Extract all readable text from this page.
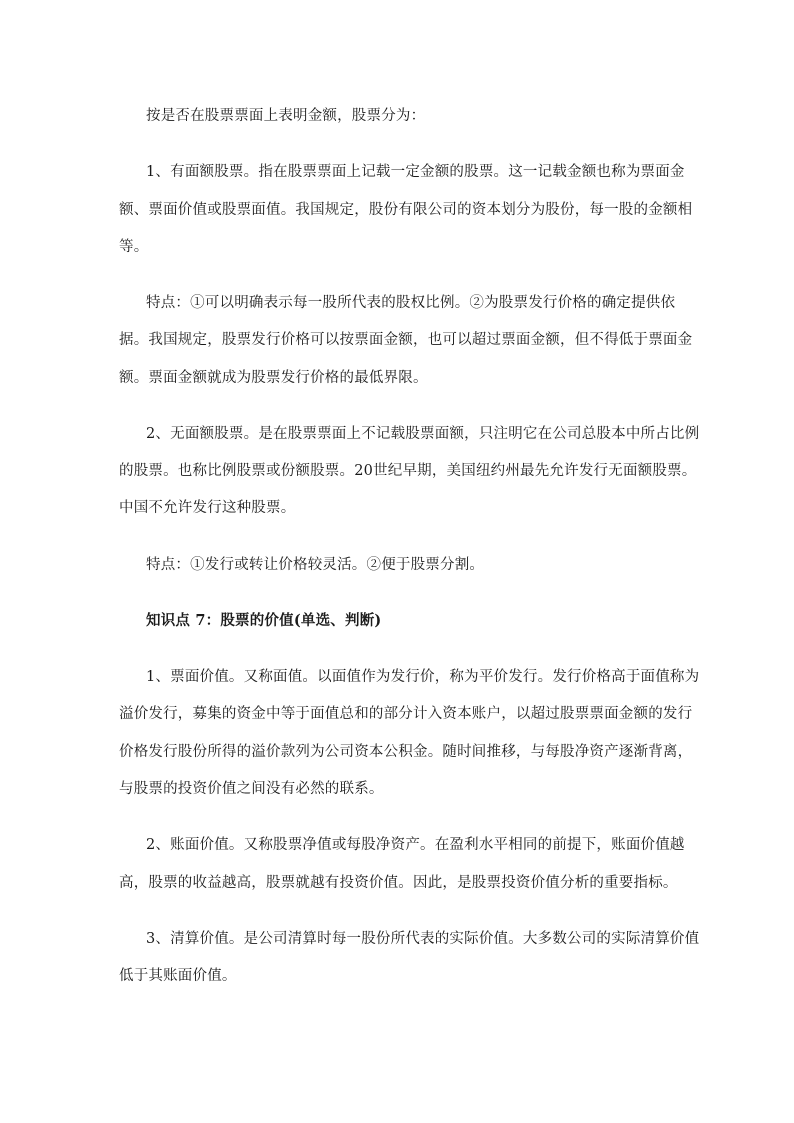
按是否在股票票面上表明金额，股票分为：

1、有面额股票。指在股票票面上记载一定金额的股票。这一记载金额也称为票面金

额、票面价值或股票面值。我国规定，股份有限公司的资本划分为股份，每一股的金额相

等。

特点：①可以明确表示每一股所代表的股权比例。②为股票发行价格的确定提供依

据。我国规定，股票发行价格可以按票面金额，也可以超过票面金额，但不得低于票面金

额。票面金额就成为股票发行价格的最低界限。

2、无面额股票。是在股票票面上不记载股票面额，只注明它在公司总股本中所占比例

的股票。也称比例股票或份额股票。20世纪早期，美国纽约州最先允许发行无面额股票。

中国不允许发行这种股票。

特点：①发行或转让价格较灵活。②便于股票分割。

知识点 7：股票的价值(单选、判断)

1、票面价值。又称面值。以面值作为发行价，称为平价发行。发行价格高于面值称为

溢价发行，募集的资金中等于面值总和的部分计入资本账户，以超过股票票面金额的发行

价格发行股份所得的溢价款列为公司资本公积金。随时间推移，与每股净资产逐渐背离，

与股票的投资价值之间没有必然的联系。

2、账面价值。又称股票净值或每股净资产。在盈利水平相同的前提下，账面价值越

高，股票的收益越高，股票就越有投资价值。因此，是股票投资价值分析的重要指标。

3、清算价值。是公司清算时每一股份所代表的实际价值。大多数公司的实际清算价值

低于其账面价值。
